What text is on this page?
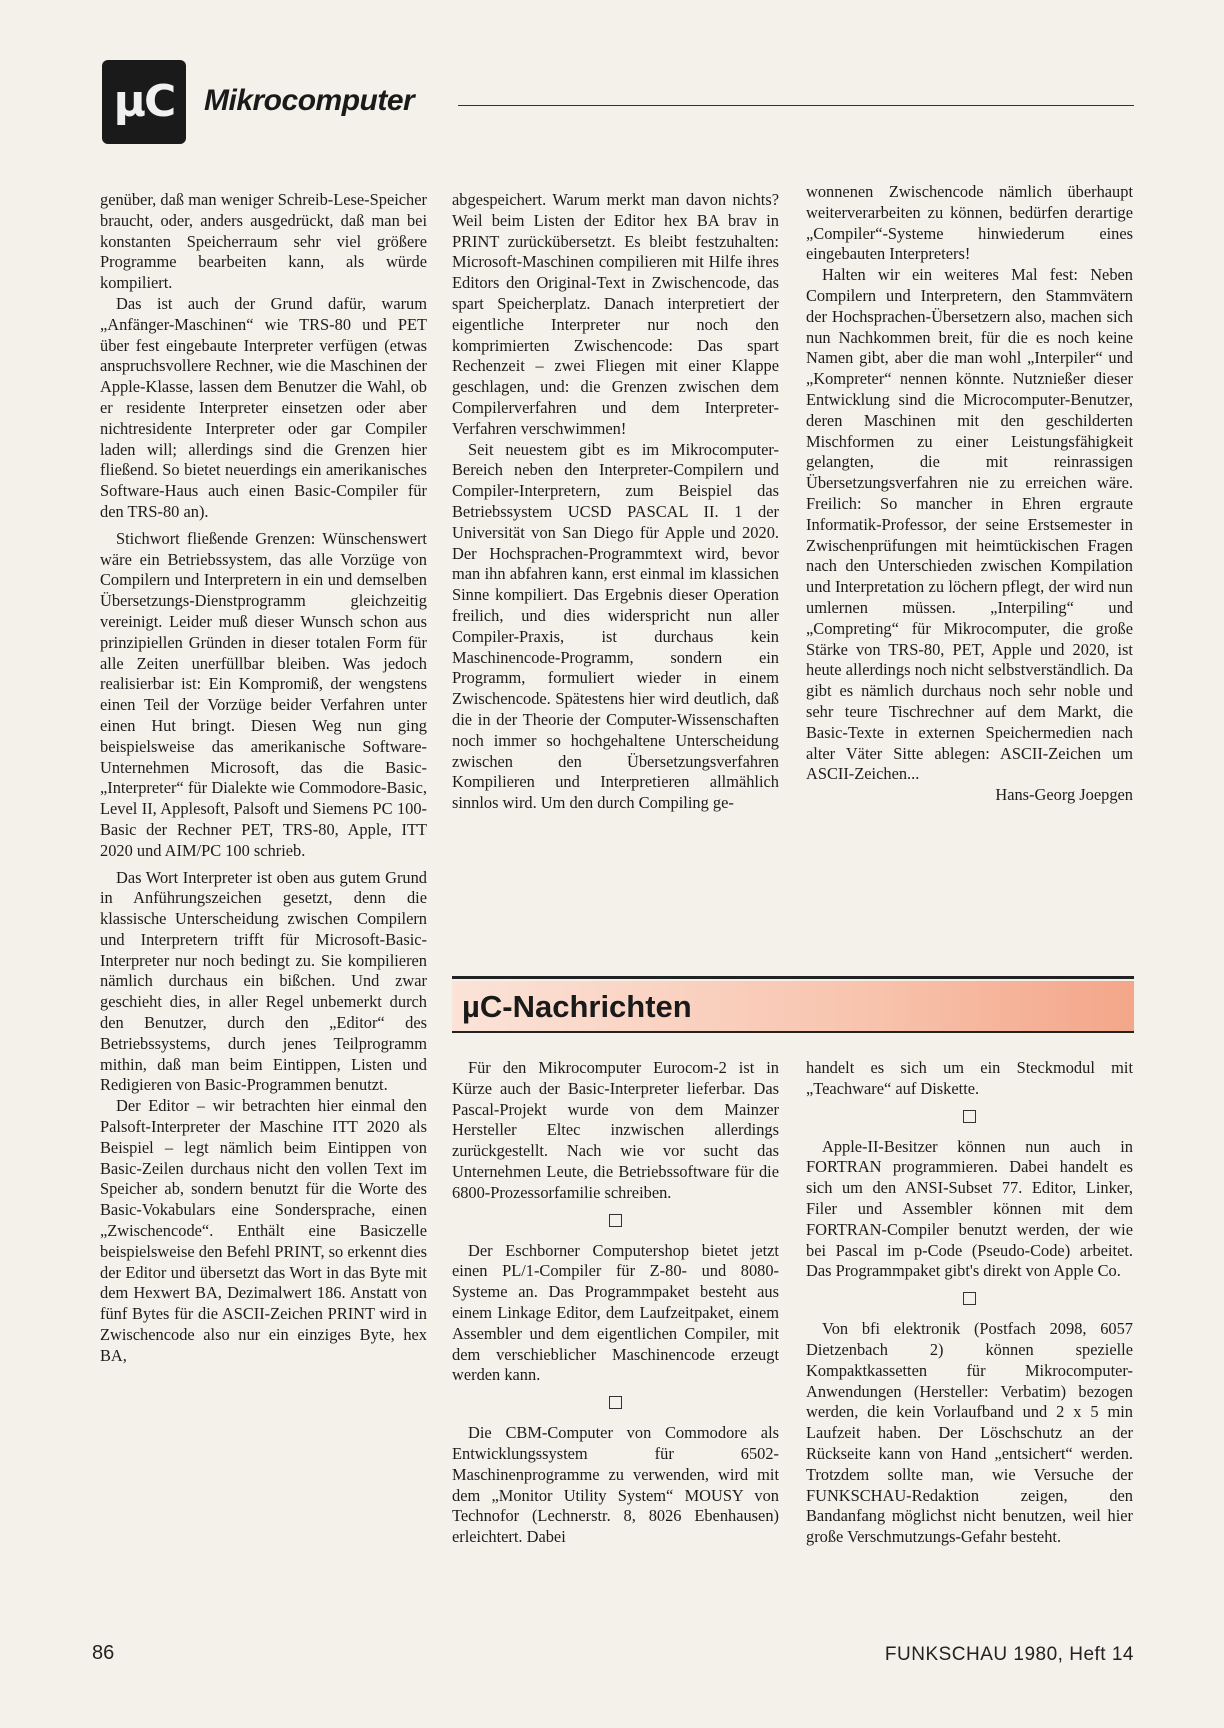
µC Mikrocomputer

genüber, daß man weniger Schreib-Lese-Speicher braucht, oder, anders ausgedrückt, daß man bei konstanten Speicherraum sehr viel größere Programme bearbeiten kann, als würde kompiliert.

Das ist auch der Grund dafür, warum „Anfänger-Maschinen“ wie TRS-80 und PET über fest eingebaute Interpreter verfügen (etwas anspruchsvollere Rechner, wie die Maschinen der Apple-Klasse, lassen dem Benutzer die Wahl, ob er residente Interpreter einsetzen oder aber nichtresidente Interpreter oder gar Compiler laden will; allerdings sind die Grenzen hier fließend. So bietet neuerdings ein amerikanisches Software-Haus auch einen Basic-Compiler für den TRS-80 an).

Stichwort fließende Grenzen: Wünschenswert wäre ein Betriebssystem, das alle Vorzüge von Compilern und Interpretern in ein und demselben Übersetzungs-Dienstprogramm gleichzeitig vereinigt. Leider muß dieser Wunsch schon aus prinzipiellen Gründen in dieser totalen Form für alle Zeiten unerfüllbar bleiben. Was jedoch realisierbar ist: Ein Kompromiß, der wengstens einen Teil der Vorzüge beider Verfahren unter einen Hut bringt. Diesen Weg nun ging beispielsweise das amerikanische Software-Unternehmen Microsoft, das die Basic-„Interpreter“ für Dialekte wie Commodore-Basic, Level II, Applesoft, Palsoft und Siemens PC 100-Basic der Rechner PET, TRS-80, Apple, ITT 2020 und AIM/PC 100 schrieb.

Das Wort Interpreter ist oben aus gutem Grund in Anführungszeichen gesetzt, denn die klassische Unterscheidung zwischen Compilern und Interpretern trifft für Microsoft-Basic-Interpreter nur noch bedingt zu. Sie kompilieren nämlich durchaus ein bißchen. Und zwar geschieht dies, in aller Regel unbemerkt durch den Benutzer, durch den „Editor“ des Betriebssystems, durch jenes Teilprogramm mithin, daß man beim Eintippen, Listen und Redigieren von Basic-Programmen benutzt.

Der Editor – wir betrachten hier einmal den Palsoft-Interpreter der Maschine ITT 2020 als Beispiel – legt nämlich beim Eintippen von Basic-Zeilen durchaus nicht den vollen Text im Speicher ab, sondern benutzt für die Worte des Basic-Vokabulars eine Sondersprache, einen „Zwischencode“. Enthält eine Basiczelle beispielsweise den Befehl PRINT, so erkennt dies der Editor und übersetzt das Wort in das Byte mit dem Hexwert BA, Dezimalwert 186. Anstatt von fünf Bytes für die ASCII-Zeichen PRINT wird in Zwischencode also nur ein einziges Byte, hex BA,

abgespeichert. Warum merkt man davon nichts? Weil beim Listen der Editor hex BA brav in PRINT zurückübersetzt. Es bleibt festzuhalten: Microsoft-Maschinen compilieren mit Hilfe ihres Editors den Original-Text in Zwischencode, das spart Speicherplatz. Danach interpretiert der eigentliche Interpreter nur noch den komprimierten Zwischencode: Das spart Rechenzeit – zwei Fliegen mit einer Klappe geschlagen, und: die Grenzen zwischen dem Compilerverfahren und dem Interpreter-Verfahren verschwimmen!

Seit neuestem gibt es im Mikrocomputer-Bereich neben den Interpreter-Compilern und Compiler-Interpretern, zum Beispiel das Betriebssystem UCSD PASCAL II. 1 der Universität von San Diego für Apple und 2020. Der Hochsprachen-Programmtext wird, bevor man ihn abfahren kann, erst einmal im klassichen Sinne kompiliert. Das Ergebnis dieser Operation freilich, und dies widerspricht nun aller Compiler-Praxis, ist durchaus kein Maschinencode-Programm, sondern ein Programm, formuliert wieder in einem Zwischencode. Spätestens hier wird deutlich, daß die in der Theorie der Computer-Wissenschaften noch immer so hochgehaltene Unterscheidung zwischen den Übersetzungsverfahren Kompilieren und Interpretieren allmählich sinnlos wird. Um den durch Compiling ge-

wonnenen Zwischencode nämlich überhaupt weiterverarbeiten zu können, bedürfen derartige „Compiler“-Systeme hinwiederum eines eingebauten Interpreters!

Halten wir ein weiteres Mal fest: Neben Compilern und Interpretern, den Stammvätern der Hochsprachen-Übersetzern also, machen sich nun Nachkommen breit, für die es noch keine Namen gibt, aber die man wohl „Interpiler“ und „Kompreter“ nennen könnte. Nutznießer dieser Entwicklung sind die Microcomputer-Benutzer, deren Maschinen mit den geschilderten Mischformen zu einer Leistungsfähigkeit gelangten, die mit reinrassigen Übersetzungsverfahren nie zu erreichen wäre. Freilich: So mancher in Ehren ergraute Informatik-Professor, der seine Erstsemester in Zwischenprüfungen mit heimtückischen Fragen nach den Unterschieden zwischen Kompilation und Interpretation zu löchern pflegt, der wird nun umlernen müssen. „Interpiling“ und „Compreting“ für Mikrocomputer, die große Stärke von TRS-80, PET, Apple und 2020, ist heute allerdings noch nicht selbstverständlich. Da gibt es nämlich durchaus noch sehr noble und sehr teure Tischrechner auf dem Markt, die Basic-Texte in externen Speichermedien nach alter Väter Sitte ablegen: ASCII-Zeichen um ASCII-Zeichen...

Hans-Georg Joepgen

µC-Nachrichten

Für den Mikrocomputer Eurocom-2 ist in Kürze auch der Basic-Interpreter lieferbar. Das Pascal-Projekt wurde von dem Mainzer Hersteller Eltec inzwischen allerdings zurückgestellt. Nach wie vor sucht das Unternehmen Leute, die Betriebssoftware für die 6800-Prozessorfamilie schreiben.

Der Eschborner Computershop bietet jetzt einen PL/1-Compiler für Z-80- und 8080-Systeme an. Das Programmpaket besteht aus einem Linkage Editor, dem Laufzeitpaket, einem Assembler und dem eigentlichen Compiler, mit dem verschieblicher Maschinencode erzeugt werden kann.

Die CBM-Computer von Commodore als Entwicklungssystem für 6502-Maschinenprogramme zu verwenden, wird mit dem „Monitor Utility System“ MOUSY von Technofor (Lechnerstr. 8, 8026 Ebenhausen) erleichtert. Dabei

handelt es sich um ein Steckmodul mit „Teachware“ auf Diskette.

Apple-II-Besitzer können nun auch in FORTRAN programmieren. Dabei handelt es sich um den ANSI-Subset 77. Editor, Linker, Filer und Assembler können mit dem FORTRAN-Compiler benutzt werden, der wie bei Pascal im p-Code (Pseudo-Code) arbeitet. Das Programmpaket gibt's direkt von Apple Co.

Von bfi elektronik (Postfach 2098, 6057 Dietzenbach 2) können spezielle Kompaktkassetten für Mikrocomputer-Anwendungen (Hersteller: Verbatim) bezogen werden, die kein Vorlaufband und 2 x 5 min Laufzeit haben. Der Löschschutz an der Rückseite kann von Hand „entsichert“ werden. Trotzdem sollte man, wie Versuche der FUNKSCHAU-Redaktion zeigen, den Bandanfang möglichst nicht benutzen, weil hier große Verschmutzungs-Gefahr besteht.

86	FUNKSCHAU 1980, Heft 14
